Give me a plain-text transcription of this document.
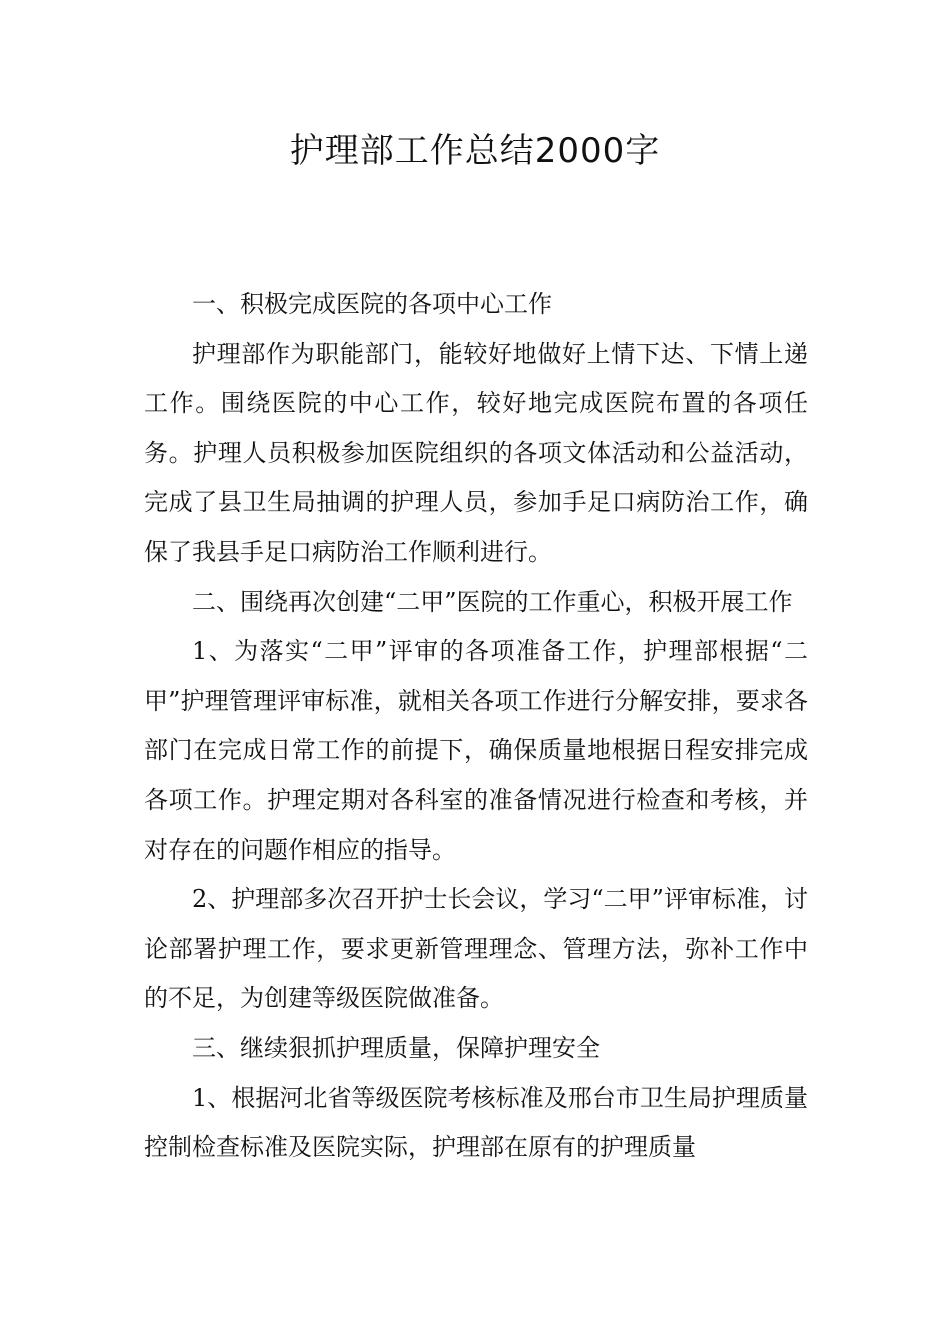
护理部工作总结2000字

一、积极完成医院的各项中心工作

护理部作为职能部门，能较好地做好上情下达、下情上递工作。围绕医院的中心工作，较好地完成医院布置的各项任务。护理人员积极参加医院组织的各项文体活动和公益活动，完成了县卫生局抽调的护理人员，参加手足口病防治工作，确保了我县手足口病防治工作顺利进行。

二、围绕再次创建“二甲”医院的工作重心，积极开展工作

1、为落实“二甲”评审的各项准备工作，护理部根据“二甲”护理管理评审标准，就相关各项工作进行分解安排，要求各部门在完成日常工作的前提下，确保质量地根据日程安排完成各项工作。护理定期对各科室的准备情况进行检查和考核，并对存在的问题作相应的指导。

2、护理部多次召开护士长会议，学习“二甲”评审标准，讨论部署护理工作，要求更新管理理念、管理方法，弥补工作中的不足，为创建等级医院做准备。

三、继续狠抓护理质量，保障护理安全

1、根据河北省等级医院考核标准及邢台市卫生局护理质量控制检查标准及医院实际，护理部在原有的护理质量
